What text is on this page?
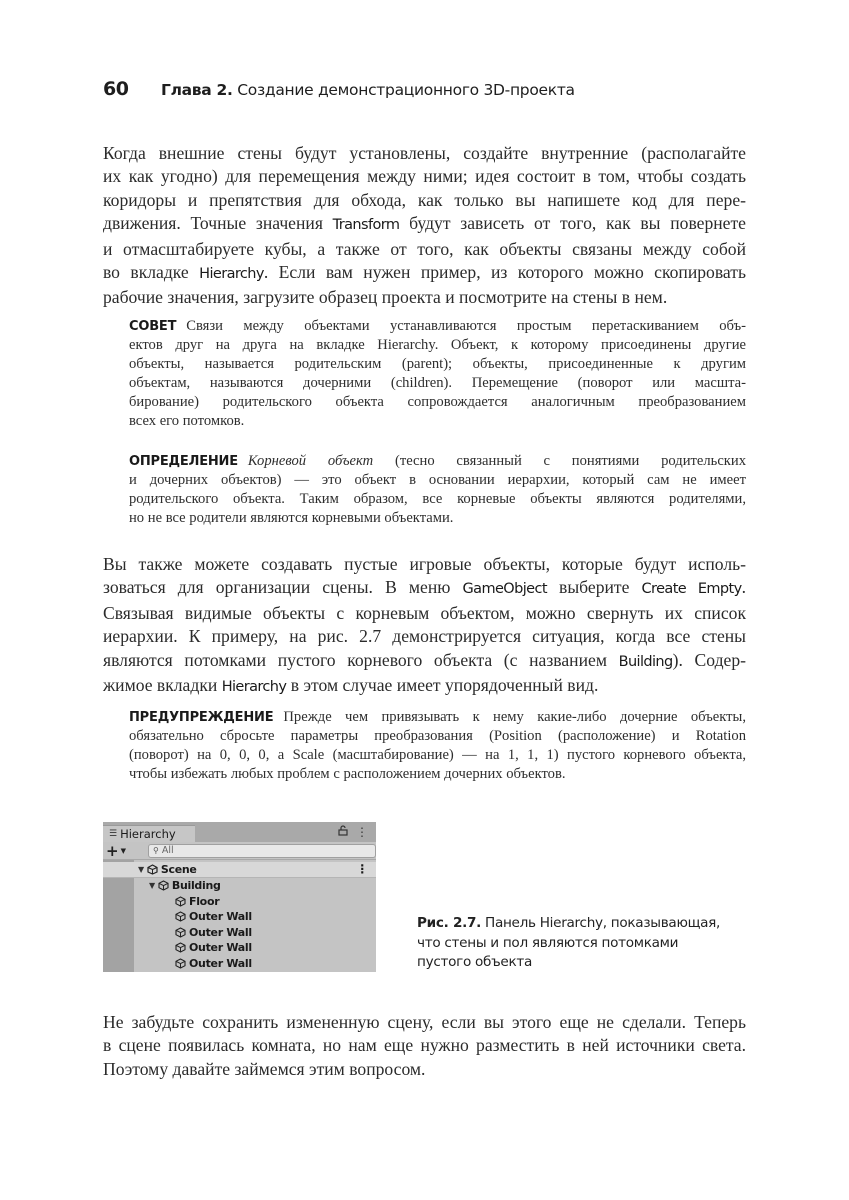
60	Глава 2. Создание демонстрационного 3D-проекта
Когда внешние стены будут установлены, создайте внутренние (располагайте
их как угодно) для перемещения между ними; идея состоит в том, чтобы создать
коридоры и препятствия для обхода, как только вы напишете код для пере-
движения. Точные значения Transform будут зависеть от того, как вы повернете
и отмасштабируете кубы, а также от того, как объекты связаны между собой
во вкладке Hierarchy. Если вам нужен пример, из которого можно скопировать
рабочие значения, загрузите образец проекта и посмотрите на стены в нем.
СОВЕТ Связи между объектами устанавливаются простым перетаскиванием объ-
ектов друг на друга на вкладке Hierarchy. Объект, к которому присоединены другие
объекты, называется родительским (parent); объекты, присоединенные к другим
объектам, называются дочерними (children). Перемещение (поворот или масшта-
бирование) родительского объекта сопровождается аналогичным преобразованием
всех его потомков.
ОПРЕДЕЛЕНИЕ Корневой объект (тесно связанный с понятиями родительских
и дочерних объектов) — это объект в основании иерархии, который сам не имеет
родительского объекта. Таким образом, все корневые объекты являются родителями,
но не все родители являются корневыми объектами.
Вы также можете создавать пустые игровые объекты, которые будут исполь-
зоваться для организации сцены. В меню GameObject выберите Create Empty.
Связывая видимые объекты с корневым объектом, можно свернуть их список
иерархии. К примеру, на рис. 2.7 демонстрируется ситуация, когда все стены
являются потомками пустого корневого объекта (с названием Building). Содер-
жимое вкладки Hierarchy в этом случае имеет упорядоченный вид.
ПРЕДУПРЕЖДЕНИЕ Прежде чем привязывать к нему какие-либо дочерние объекты,
обязательно сбросьте параметры преобразования (Position (расположение) и Rotation
(поворот) на 0, 0, 0, а Scale (масштабирование) — на 1, 1, 1) пустого корневого объекта,
чтобы избежать любых проблем с расположением дочерних объектов.
☰ Hierarchy	⋮
+ ▼	⚲ All
▼ Scene	⋮
▼ Building
Floor
Outer Wall
Outer Wall
Outer Wall
Outer Wall
Рис. 2.7. Панель Hierarchy, показывающая,
что стены и пол являются потомками
пустого объекта
Не забудьте сохранить измененную сцену, если вы этого еще не сделали. Теперь
в сцене появилась комната, но нам еще нужно разместить в ней источники света.
Поэтому давайте займемся этим вопросом.
